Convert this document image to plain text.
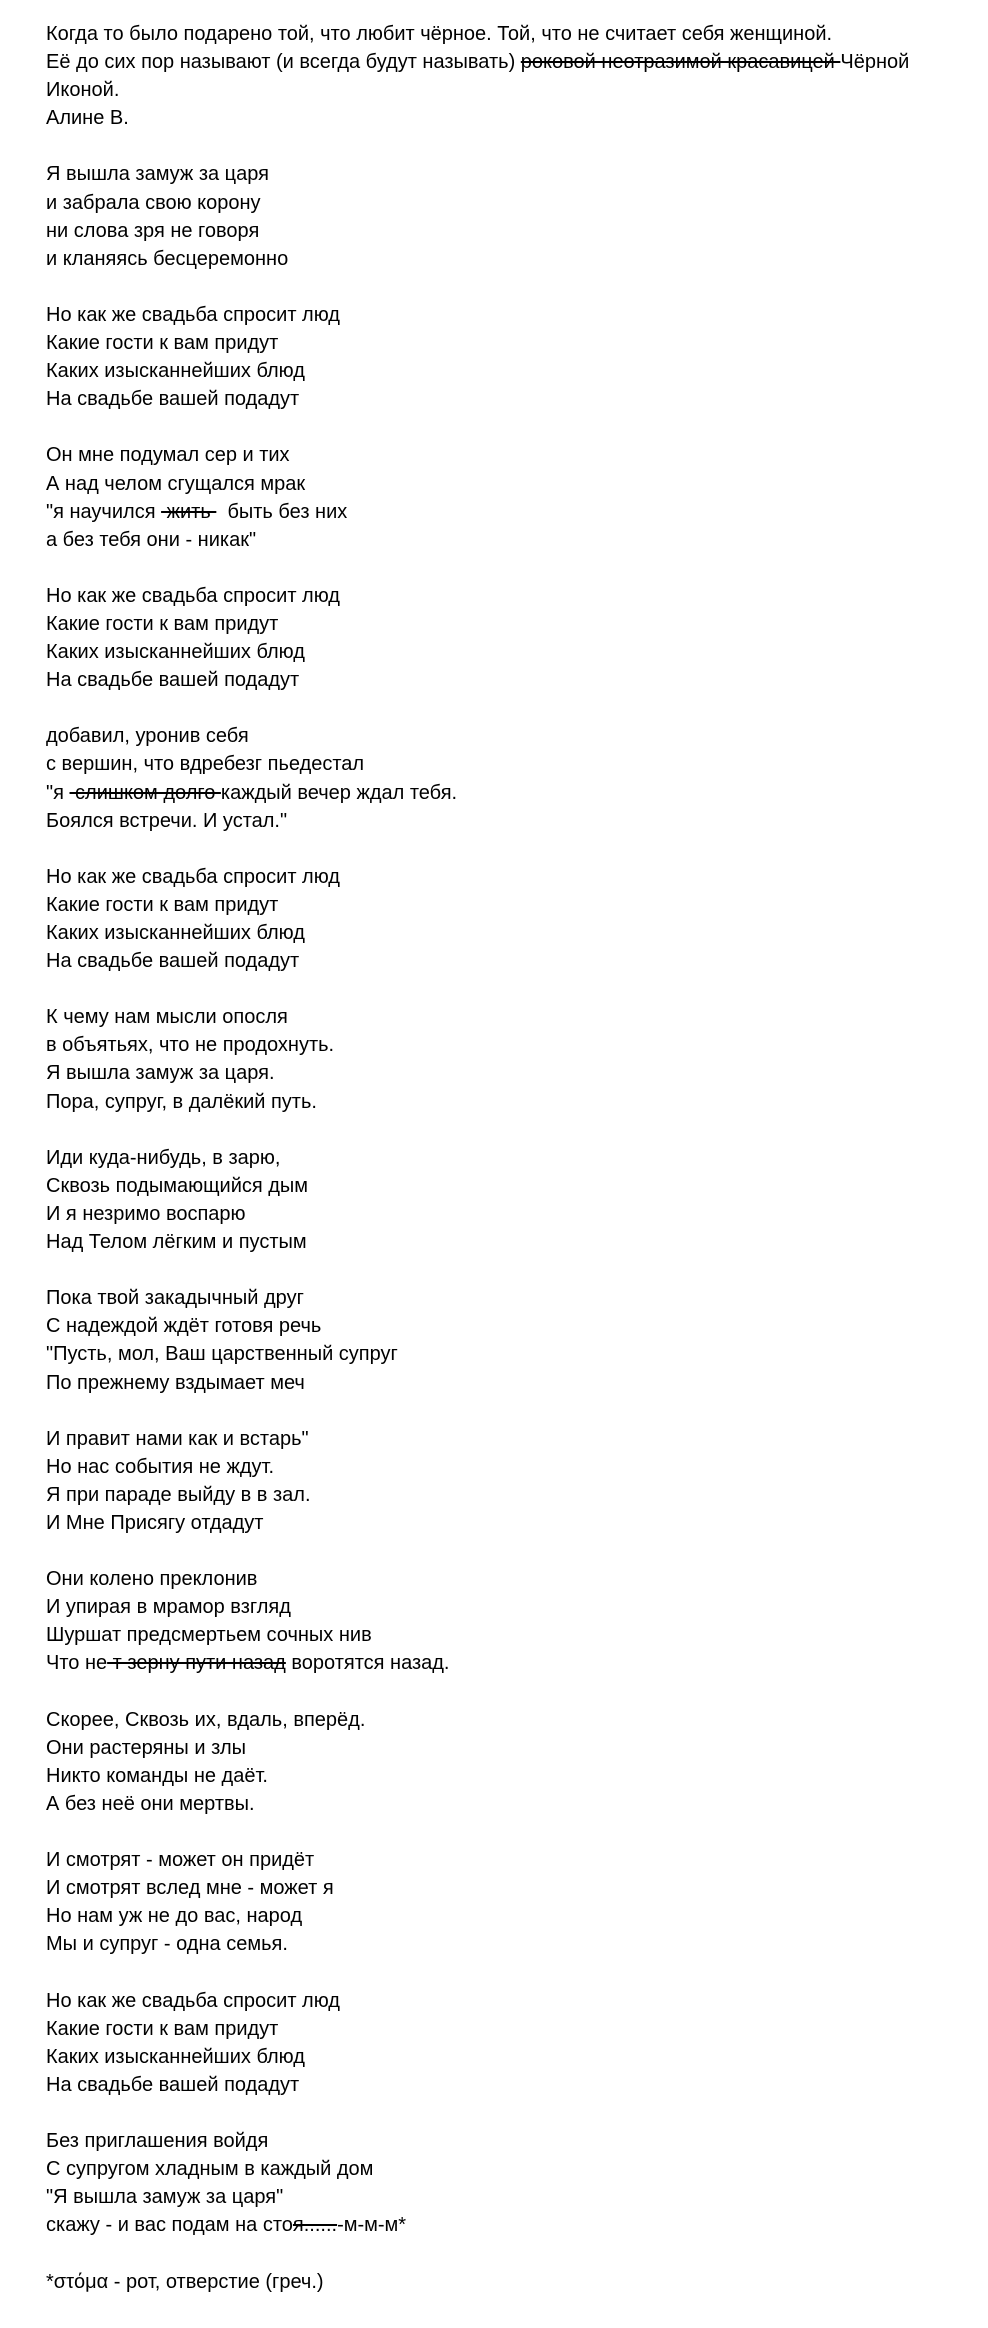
Когда то было подарено той, что любит чёрное. Той, что не считает себя женщиной.
Её до сих пор называют (и всегда будут называть) роковой неотразимой красавицей Чёрной
Иконой.
Алине В.
Я вышла замуж за царя
и забрала свою корону
ни слова зря не говоря
и кланяясь бесцеремонно
Но как же свадьба спросит люд
Какие гости к вам придут
Каких изысканнейших блюд
На свадьбе вашей подадут
Он мне подумал сер и тих
А над челом сгущался мрак
"я научился  жить   быть без них
а без тебя они - никак"
Но как же свадьба спросит люд
Какие гости к вам придут
Каких изысканнейших блюд
На свадьбе вашей подадут
добавил, уронив себя
с вершин, что вдребезг пьедестал
"я  слишком долго каждый вечер ждал тебя.
Боялся встречи. И устал."
Но как же свадьба спросит люд
Какие гости к вам придут
Каких изысканнейших блюд
На свадьбе вашей подадут
К чему нам мысли опосля
в объятьях, что не продохнуть.
Я вышла замуж за царя.
Пора, супруг, в далёкий путь.
Иди куда-нибудь, в зарю,
Сквозь подымающийся дым
И я незримо воспарю
Над Телом лёгким и пустым
Пока твой закадычный друг
С надеждой ждёт готовя речь
"Пусть, мол, Ваш царственный супруг
По прежнему вздымает меч
И правит нами как и встарь"
Но нас события не ждут.
Я при параде выйду в в зал.
И Мне Присягу отдадут
Они колено преклонив
И упирая в мрамор взгляд
Шуршат предсмертьем сочных нив
Что не т зерну пути назад воротятся назад.
Скорее, Сквозь их, вдаль, вперёд.
Они растеряны и злы
Никто команды не даёт.
А без неё они мертвы.
И смотрят - может он придёт
И смотрят вслед мне - может я
Но нам уж не до вас, народ
Мы и супруг - одна семья.
Но как же свадьба спросит люд
Какие гости к вам придут
Каких изысканнейших блюд
На свадьбе вашей подадут
Без приглашения войдя
С супругом хладным в каждый дом
"Я вышла замуж за царя"
скажу - и вас подам на стоя......-м-м-м*
*στόμα - рот, отверстие (греч.)
